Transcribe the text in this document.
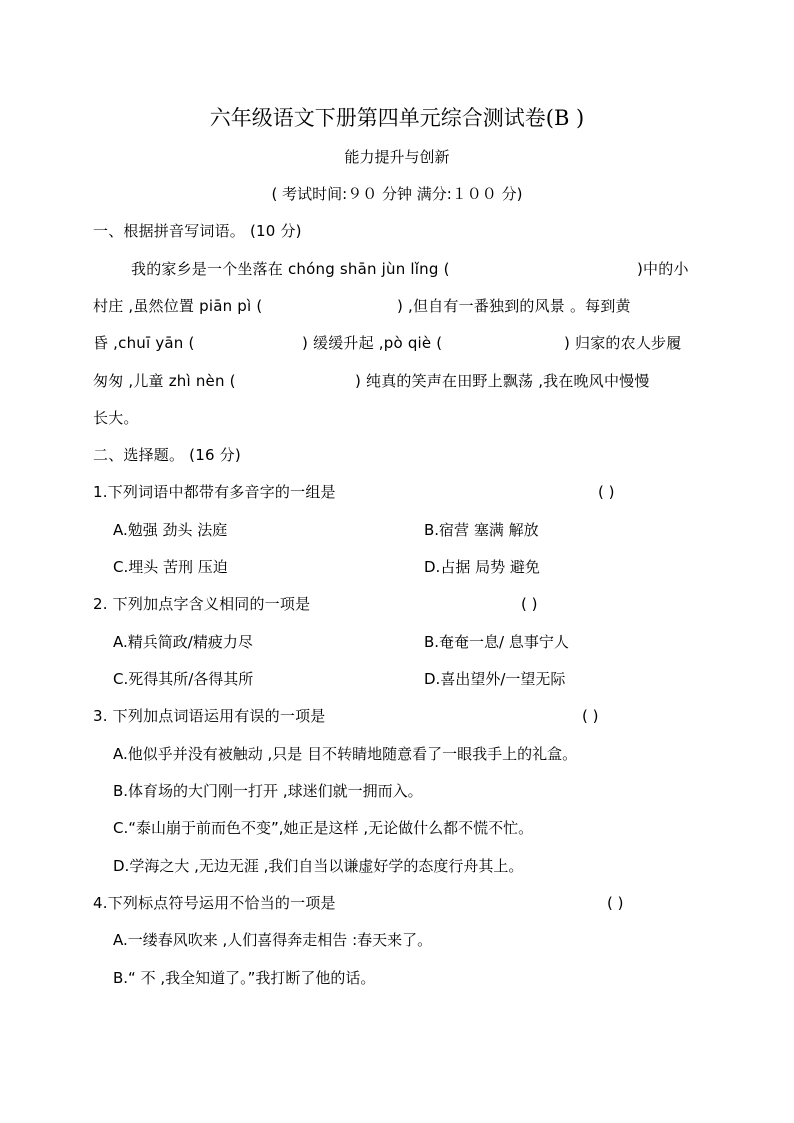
六年级语文下册第四单元综合测试卷(B )
能力提升与创新
( 考试时间:９０ 分钟 满分:１００ 分)
一、根据拼音写词语。 (10 分)
我的家乡是一个坐落在 chóng shān jùn lǐng (	)中的小
村庄 ,虽然位置 piān pì (	) ,但自有一番独到的风景 。每到黄
昏 ,chuī yān (	) 缓缓升起 ,pò qiè (	) 归家的农人步履
匆匆 ,儿童 zhì nèn (	) 纯真的笑声在田野上飘荡 ,我在晚风中慢慢
长大。
二、选择题。 (16 分)
1.下列词语中都带有多音字的一组是	( )
A.勉强 劲头 法庭	B.宿营 塞满 解放
C.埋头 苦刑 压迫	D.占据 局势 避免
2. 下列加点字含义相同的一项是	( )
A.精兵简政/精疲力尽	B.奄奄一息/ 息事宁人
C.死得其所/各得其所	D.喜出望外/一望无际
3. 下列加点词语运用有误的一项是	( )
A.他似乎并没有被触动 ,只是 目不转睛地随意看了一眼我手上的礼盒。
B.体育场的大门刚一打开 ,球迷们就一拥而入。
C.“泰山崩于前而色不变”,她正是这样 ,无论做什么都不慌不忙。
D.学海之大 ,无边无涯 ,我们自当以谦虚好学的态度行舟其上。
4.下列标点符号运用不恰当的一项是	( )
A.一缕春风吹来 ,人们喜得奔走相告 :春天来了。
B.“ 不 ,我全知道了。”我打断了他的话。
